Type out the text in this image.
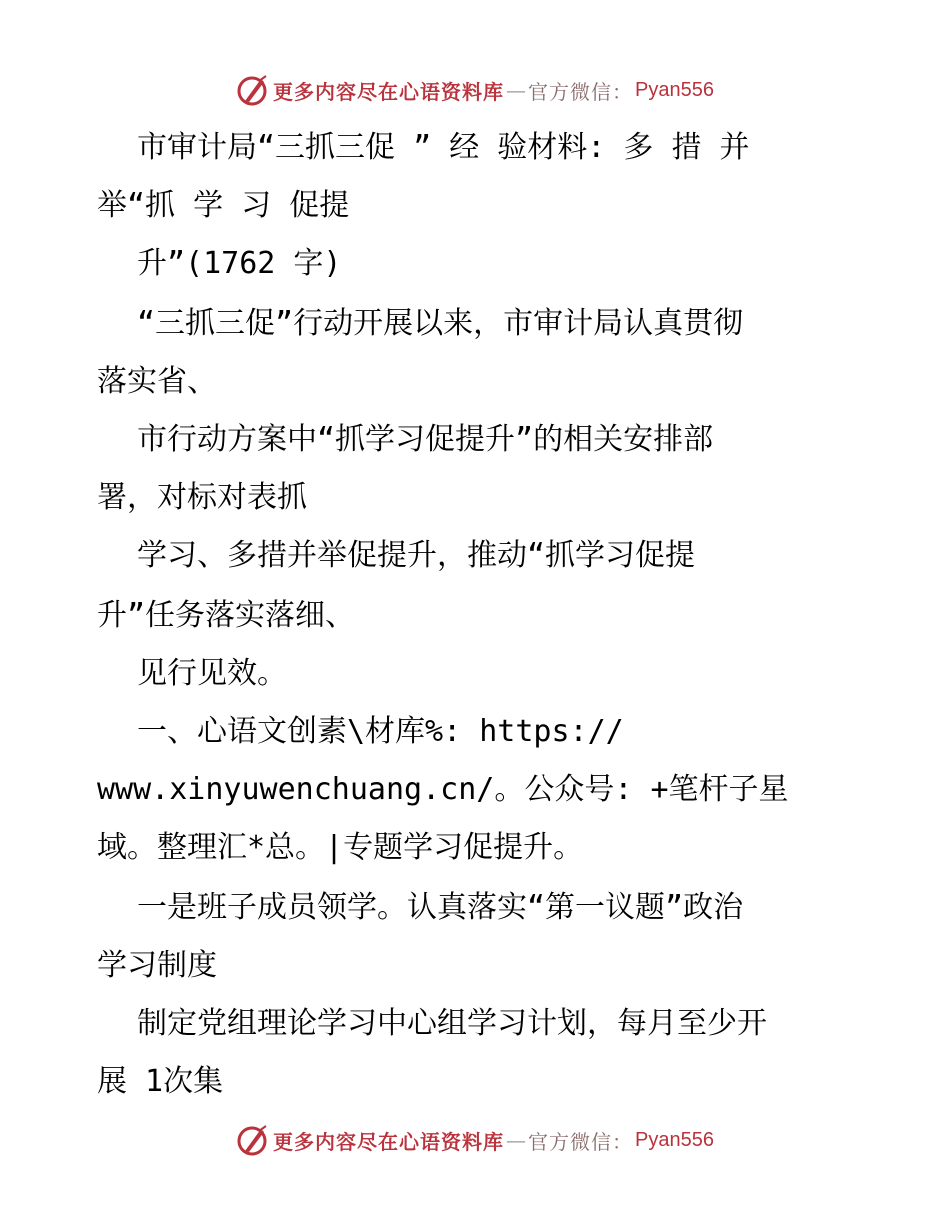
更多内容尽在心语资料库 — 官方微信： Pyan556
市审计局“三抓三促 ” 经 验材料: 多 措 并
举“抓 学 习 促提
升”(1762 字)
“三抓三促”行动开展以来，市审计局认真贯彻
落实省、
市行动方案中“抓学习促提升”的相关安排部
署，对标对表抓
学习、多措并举促提升，推动“抓学习促提
升”任务落实落细、
见行见效。
一、心语文创素\材库%: https://
www.xinyuwenchuang.cn/。公众号: +笔杆子星
域。整理汇*总。|专题学习促提升。
一是班子成员领学。认真落实“第一议题”政治
学习制度
制定党组理论学习中心组学习计划，每月至少开
展 1次集
更多内容尽在心语资料库 — 官方微信： Pyan556
